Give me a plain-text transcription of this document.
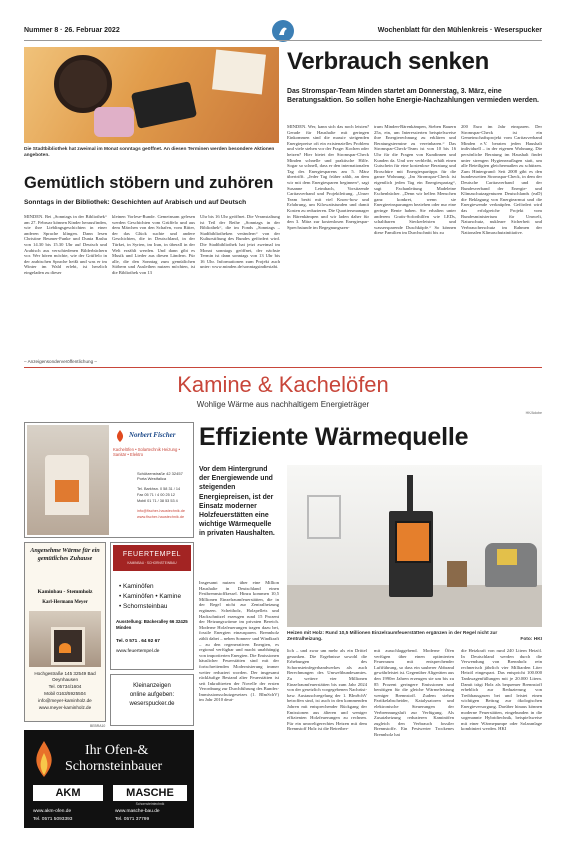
Nummer 8 · 26. Februar 2022	Wochenblatt für den Mühlenkreis · Weserspucker
Die Stadtbibliothek hat zweimal im Monat sonntags geöffnet. An diesen Terminen werden besondere Aktionen angeboten.
Gemütlich stöbern und zuhören
Sonntags in der Bibliothek: Geschichten auf Arabisch und auf Deutsch
MINDEN. Bei „Sonntags in der Bibliothek“ am 27. Februar können Kinder herausfinden, wie ihre Lieblingsgeschichten in einer anderen Sprache klingen. Dann lesen Christine Beumer-Funke und Dunia Rashu von 14.30 bis 15.30 Uhr auf Deutsch und Arabisch aus verschiedenen Bilderbüchern vor. Wer hören möchte, wie der Grüffelo in der arabischen Sprache heißt und was er im Winter im Wald erlebt, ist herzlich eingeladen zu dieser
kleinen Vorlese-Runde. Gemeinsam gelesen werden Geschichten vom Grüffelo und aus dem Märchen von den Schafen, vom Ritter, der das Glück suchte und andere Geschichten, die in Deutschland, in der Türkei, in Syrien, im Iran, in überall in der Welt erzählt werden. Und dann gibt es Musik und Lieder aus diesen Ländern. Für alle, die den Sonntag zum gemütlichen Stöbern und Ausleihen nutzen möchten, ist die Bibliothek von 13
Uhr bis 16 Uhr geöffnet. Die Veranstaltung ist Teil der Reihe „Sonntags in der Bibliothek“, die im Fonds „Sonntags – Stadtbibliotheken verändern“ von der Kulturstiftung des Bundes gefördert wird. Die Stadtbibliothek hat jetzt zweimal im Monat sonntags geöffnet, der nächste Termin ist dann sonntags von 13 Uhr bis 16 Uhr. Informationen zum Projekt auch unter: www.minden.de/sonntagsindiestabi.
Verbrauch senken
Das Stromspar-Team Minden startet am Donnerstag, 3. März, eine Beratungsaktion. So sollen hohe Energie-Nachzahlungen vermieden werden.
MINDEN. Wer, kann sich das noch leisten? Gerade für Haushalte mit geringen Einkommen sind die massiv steigenden Energiepreise oft ein existenzielles Problem und viele stehen vor der Frage: Kochen oder heizen? Hier bietet der Stromspar-Check Minden schnelle und praktische Hilfe. Sogar so schnell, dass er den internationalen Tag des Energiesparens am 5. März übertrifft. „Jeder Tag früher zählt, an dem wir mit dem Energiesparen beginnen“, sagt Susanne Leimbach, Vorsitzende Caritasverband und Projektleitung. „Unser Team berät mit viel Know-how und Erfahrung, um Kilowattstunden und damit Kosten zu reduzieren. Die Quartiersmanager in Bärenkämpen und wir laden daher für den 3. März zur kostenlosen Energiespar-Sprechstunde im Begegnungszen-
trum Minden-Bärenkämpen, Sieben Bauern 25a, ein, um Interessierten beispielsweise ihre Energierechnung zu erklären und Beratungstermine zu vereinbaren.“ Das Stromspar-Check-Team ist von 10 bis 16 Uhr für die Fragen von Kundinnen und Kunden da. Und wer verbleibt, erhält einen Gutschein für eine kostenlose Beratung und Broschüre mit Energiespartipps für die ganze Wohnung. „Im Stromspar-Check ist eigentlich jeden Tag ein Energiespartag“, sagt Fachanleitung Madeleine Eschenbücher. „Denn wir helfen Menschen ganz konkret, wenn sie Energieeinsparungen beziehen oder nur eine geringe Rente haben. Sie erhalten unter anderem Gratis-Soforthilfen wie LEDs, schaltbaren Steckerleisten und wassersparende Duschköpfe.“ So können diese Familien im Durchschnitt bis zu
200 Euro im Jahr einsparen. Der Stromspar-Check ist ein Gemeinschaftsprojekt vom Caritasverband Minden e.V. beraten jeden Haushalt individuell – in der eigenen Wohnung. Die persönliche Beratung im Haushalt findet unter strengen Hygieneauflagen statt, um alle Beteiligten gleichermaßen zu schützen. Zum Hintergrund: Seit 2008 gibt es den bundesweiten Stromspar-Check, in dem der Deutsche Caritasverband und der Bundesverband der Energie- und Klimaschutzagenturen Deutschlands (eaD) die Beklagung von Energiearmut und die Energiewende verknüpfen. Gefördert wird das erfolgreiche Projekt vom Bundesministerium für Umwelt, Naturschutz, nukleare Sicherheit und Verbraucherschutz im Rahmen der Nationalen Klimaschutzinitiative.
– Anzeigensonderveröffentlichung –
Kamine & Kachelöfen
Wohlige Wärme aus nachhaltigem Energieträger
HK/Adobe
Norbert Fischer
Kachelöfen • Solartechnik Heizung • Sanitär • Elektro
Schützenstraße 42 32457 Porta Westfalica
Tel. Barkhsn. 0 58 31 / 14
Fax 05 71 / 4 00 25 12
Mobil 01 71 / 38 53 53 4
info@fischer-haustechnik.de
www.fischer-haustechnik.de
Angenehme Wärme für ein gemütliches Zuhause
Kaminbau - Stemmholz
Karl-Hermann Meyer
Hochgestraße 145 32549 Bad Oeynhausen
Tel. 05734/1604
Mobil 0163/5925504
info@meyer-kaminholz.de
www.meyer-kaminholz.de
FEUERTEMPEL
KAMINBAU · SCHORNSTEINBAU
• Kaminöfen
• Kaminöfen • Kamine
• Schornsteinbau
Ausstellung: Bäckeralley 66 32425 Minden
Tel. 0 571 . 64 92 67
www.feuertempel.de
Kleinanzeigen
online aufgeben:
weserspucker.de
BEBRA10
Ihr Ofen-&
Schornsteinbauer
AKM	MASCHE
Schornsteintechnik
www.akm-ofen.de	www.masche-bau.de
Tel. 0571 5093393	Tel. 0571 37799
Effiziente Wärmequelle
Vor dem Hintergrund der Energiewende und steigenden Energiepreisen, ist der Einsatz moderner Holzfeuerstätten eine wichtige Wärmequelle in privaten Haushalten.
Heizen mit Holz: Rund 10,5 Millionen Einzelraumfeuerstätten ergänzen in der Regel nicht zur Zentralheizung.	Foto: HKI
Insgesamt nutzen über eine Million Haushalte in Deutschland einen Festbrennstoffkessel. Hinzu kommen 10,5 Millionen Einzelraumfeuerstätten, die in der Regel nicht zur Zentralheizung ergänzen. Scheitholz, Holzpellets und Hackschnitzel erzeugen rund 15 Prozent der Heizungswärme im privaten Bereich. Moderne Holzfeuerungen tragen dazu bei, fossile Energien einzusparen. Brennholz zählt dabei – neben Sonnen- und Windkraft – zu den regenerativen Energien, es regional verfügbar und macht unabhängig von importierten Energien. Die Emissionen häuslicher Feuerstätten sind mit der fortschreitenden Modernisierung immer weiter reduziert worden. Der insgesamt rückläufige Bestand alter Feuerstätten ist seit Inkrafttreten der Novelle der ersten Verordnung zur Durchführung des Bundes-Immissionsschutzgesetzes (1. BImSchV) im Jahr 2010 deut-
lich – und zwar um mehr als ein Drittel gesunken. Die Ergebnisse sowohl die Erhebungen des Schornsteinfegerhandwerkes als auch Berechnungen des Umweltbundesamtes. Zu weitere vier Millionen Einzelraumfeuerstätten bis zum Jahr 2024 von der gesetzlich vorgegebenen Nachrüst- bzw. Austauschregelung der 1. BImSchV betroffen sind, ist auch in den kommenden Jahren mit entsprechender Rückgang der Emissionen aus älteren und weniger effizienten Holzfeuerungen zu rechnen. Für ein umweltgerechtes Heizen mit dem Brennstoff Holz ist die Betreiber-
mit ausschlaggebend. Moderne Öfen verfügen über einen optimierten Feuerraum mit entsprechender Luftführung, so dass ein sauberer Abbrand gewährleistet ist. Gegenüber Altgeräten aus den 1990er Jahren erzeugen sie um bis zu 85 Prozent geringere Emissionen und benötigen für die gleiche Wärmeleistung weniger Brennstoff. Zudem stehen Partikelabscheider, Katalysatoren und elektronische Steuerungen der Verbrennungsluft zur Verfügung. Als Zusatzheizung reduzieren Kaminöfen zugleich den Verbrauch fossiler Brennstoffe. Ein Festwerter Trockenes Brennholz hat
die Heizkraft von rund 240 Litern Heizöl. In Deutschland werden durch die Verwendung von Brennholz rein rechnerisch jährlich vier Milliarden Liter Heizöl eingespart. Das entspricht 100.000 Tankwagenfüllungen mit je 20.000 Litern. Damit trägt Holz als bequemer Brennstoff erheblich zur Reduzierung von Treibhausgasen bei und leistet einen wichtigen Beitrag zur ökologischen Energieversorgung. Darüber hinaus können moderne Feuerstätten, eingebunden in die sogenannte Hybridtechnik, beispielsweise mit einer Wärmepumpe oder Solaranlage kombiniert werden. HKI
